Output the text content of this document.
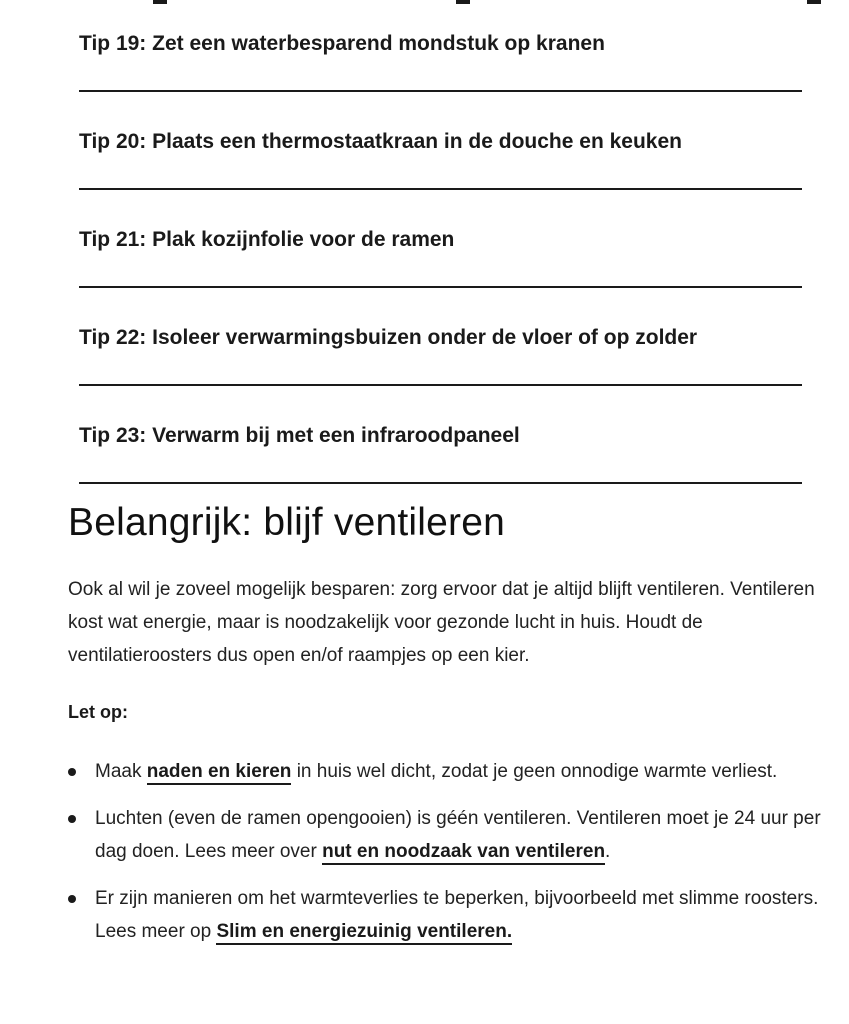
Tip 19: Zet een waterbesparend mondstuk op kranen
Tip 20: Plaats een thermostaatkraan in de douche en keuken
Tip 21: Plak kozijnfolie voor de ramen
Tip 22: Isoleer verwarmingsbuizen onder de vloer of op zolder
Tip 23: Verwarm bij met een infraroodpaneel
Belangrijk: blijf ventileren

Ook al wil je zoveel mogelijk besparen: zorg ervoor dat je altijd blijft ventileren. Ventileren kost wat energie, maar is noodzakelijk voor gezonde lucht in huis. Houdt de ventilatieroosters dus open en/of raampjes op een kier.

Let op:

Maak naden en kieren in huis wel dicht, zodat je geen onnodige warmte verliest.
Luchten (even de ramen opengooien) is géén ventileren. Ventileren moet je 24 uur per dag doen. Lees meer over nut en noodzaak van ventileren.
Er zijn manieren om het warmteverlies te beperken, bijvoorbeeld met slimme roosters. Lees meer op Slim en energiezuinig ventileren.
